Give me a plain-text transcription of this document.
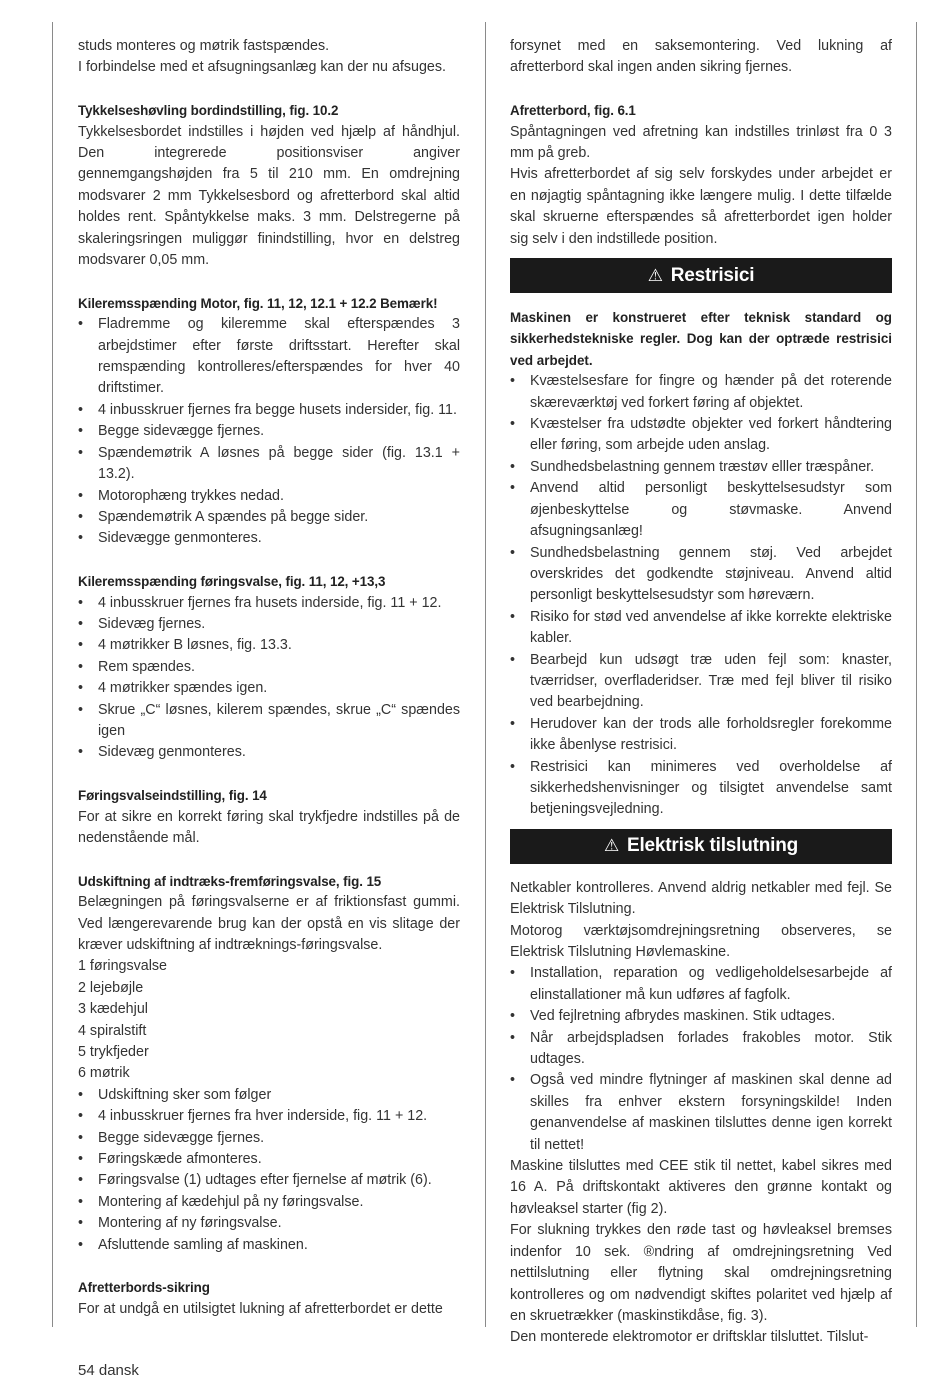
studs monteres og møtrik fastspændes.

I forbindelse med et afsugningsanlæg kan der nu afsuges.

Tykkelseshøvling bordindstilling, fig. 10.2

Tykkelsesbordet indstilles i højden ved hjælp af håndhjul. Den integrerede positionsviser angiver gennemgangshøjden fra 5 til 210 mm. En omdrejning modsvarer 2 mm Tykkelsesbord og afretterbord skal altid holdes rent. Spåntykkelse maks. 3 mm. Delstregerne på skaleringsringen muliggør finindstilling, hvor en delstreg modsvarer 0,05 mm.

Kileremsspænding Motor, fig. 11, 12, 12.1 + 12.2 Bemærk!
• Fladremme og kileremme skal efterspændes 3 arbejdstimer efter første driftsstart. Herefter skal remspænding kontrolleres/efterspændes for hver 40 driftstimer.
• 4 inbusskruer fjernes fra begge husets indersider, fig. 11.
• Begge sidevægge fjernes.
• Spændemøtrik A løsnes på begge sider (fig. 13.1 + 13.2).
• Motorophæng trykkes nedad.
• Spændemøtrik A spændes på begge sider.
• Sidevægge genmonteres.
Kileremsspænding føringsvalse, fig. 11, 12, +13,3
• 4 inbusskruer fjernes fra husets inderside, fig. 11 + 12.
• Sidevæg fjernes.
• 4 møtrikker B løsnes, fig. 13.3.
• Rem spændes.
• 4 møtrikker spændes igen.
• Skrue „C“ løsnes, kilerem spændes, skrue „C“ spændes igen
• Sidevæg genmonteres.
Føringsvalseindstilling, fig. 14

For at sikre en korrekt føring skal trykfjedre indstilles på de nedenstående mål.

Udskiftning af indtræks-fremføringsvalse, fig. 15

Belægningen på føringsvalserne er af friktionsfast gummi. Ved længerevarende brug kan der opstå en vis slitage der kræver udskiftning af indtræknings-føringsvalse.

1 føringsvalse

2 lejebøjle

3 kædehjul

4 spiralstift

5 trykfjeder

6 møtrik

• Udskiftning sker som følger
• 4 inbusskruer fjernes fra hver inderside, fig. 11 + 12.
• Begge sidevægge fjernes.
• Føringskæde afmonteres.
• Føringsvalse (1) udtages efter fjernelse af møtrik (6).
• Montering af kædehjul på ny føringsvalse.
• Montering af ny føringsvalse.
• Afsluttende samling af maskinen.
Afretterbords-sikring

For at undgå en utilsigtet lukning af afretterbordet er dette

forsynet med en saksemontering. Ved lukning af afretterbord skal ingen anden sikring fjernes.

Afretterbord, fig. 6.1

Spåntagningen ved afretning kan indstilles trinløst fra 0 3 mm på greb.

Hvis afretterbordet af sig selv forskydes under arbejdet er en nøjagtig spåntagning ikke længere mulig. I dette tilfælde skal skruerne efterspændes så afretterbordet igen holder sig selv i den indstillede position.

⚠ Restrisici

Maskinen er konstrueret efter teknisk standard og sikkerhedstekniske regler. Dog kan der optræde restrisici ved arbejdet.

• Kvæstelsesfare for fingre og hænder på det roterende skæreværktøj ved forkert føring af objektet.
• Kvæstelser fra udstødte objekter ved forkert håndtering eller føring, som arbejde uden anslag.
• Sundhedsbelastning gennem træstøv elller træspåner.
• Anvend altid personligt beskyttelsesudstyr som øjenbeskyttelse og støvmaske. Anvend afsugningsanlæg!
• Sundhedsbelastning gennem støj. Ved arbejdet overskrides det godkendte støjniveau. Anvend altid personligt beskyttelsesudstyr som høreværn.
• Risiko for stød ved anvendelse af ikke korrekte elektriske kabler.
• Bearbejd kun udsøgt træ uden fejl som: knaster, tværridser, overfladeridser. Træ med fejl bliver til risiko ved bearbejdning.
• Herudover kan der trods alle forholdsregler forekomme ikke åbenlyse restrisici.
• Restrisici kan minimeres ved overholdelse af sikkerhedshenvisninger og tilsigtet anvendelse samt betjeningsvejledning.
⚠ Elektrisk tilslutning

Netkabler kontrolleres. Anvend aldrig netkabler med fejl. Se Elektrisk Tilslutning.

Motorog værktøjsomdrejningsretning observeres, se Elektrisk Tilslutning Høvlemaskine.

• Installation, reparation og vedligeholdelsesarbejde af elinstallationer må kun udføres af fagfolk.
• Ved fejlretning afbrydes maskinen. Stik udtages.
• Når arbejdspladsen forlades frakobles motor. Stik udtages.
• Også ved mindre flytninger af maskinen skal denne ad skilles fra enhver ekstern forsyningskilde! Inden genanvendelse af maskinen tilsluttes denne igen korrekt til nettet!

Maskine tilsluttes med CEE stik til nettet, kabel sikres med 16 A. På driftskontakt aktiveres den grønne kontakt og høvleaksel starter (fig 2).

For slukning trykkes den røde tast og høvleaksel bremses indenfor 10 sek. ®ndring af omdrejningsretning Ved nettilslutning eller flytning skal omdrejningsretning kontrolleres og om nødvendigt skiftes polaritet ved hjælp af en skruetrækker (maskinstikdåse, fig. 3).

Den monterede elektromotor er driftsklar tilsluttet. Tilslut-

54 dansk
